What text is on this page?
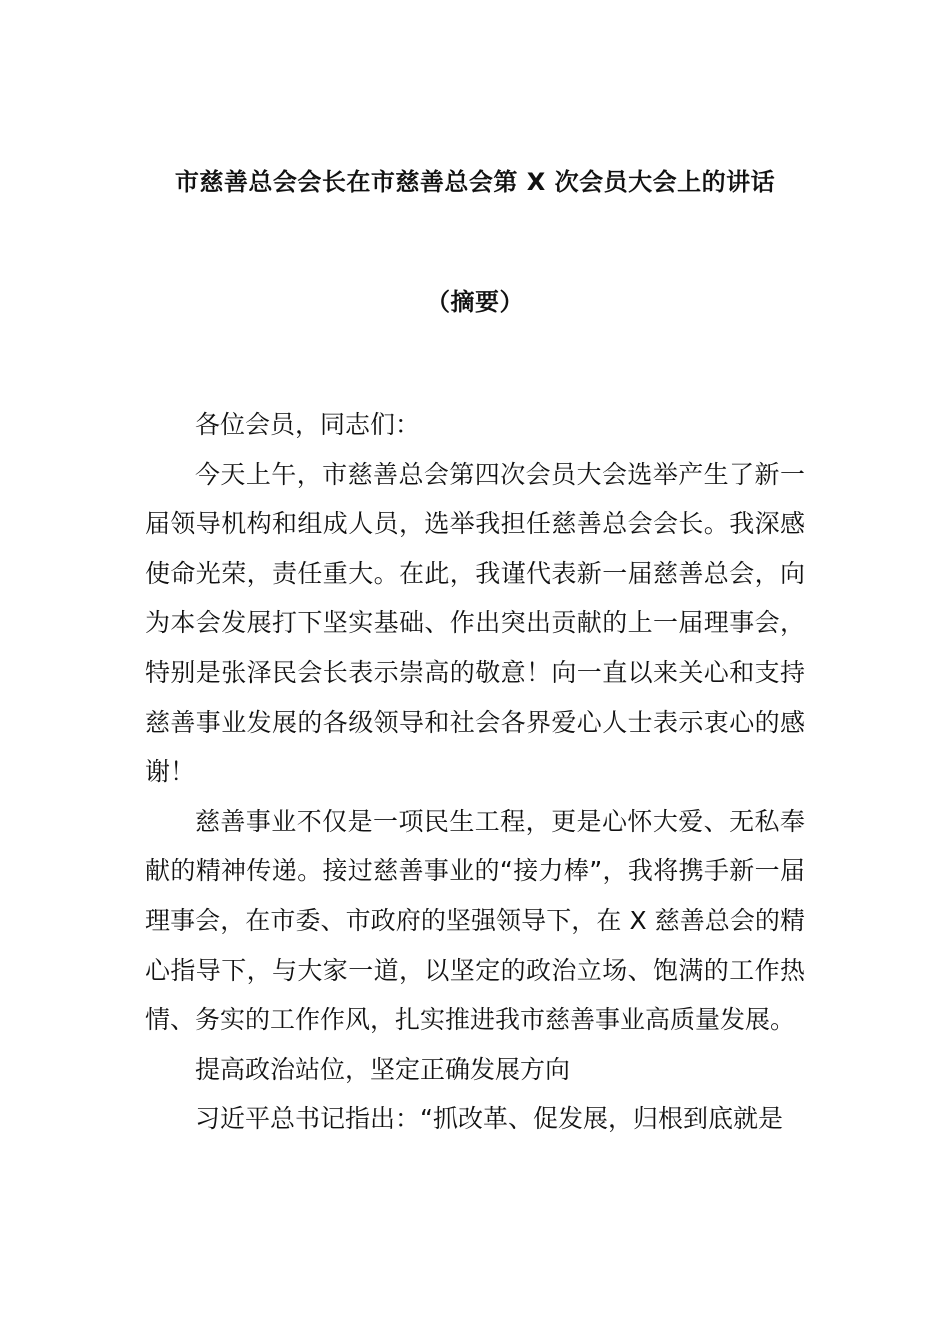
市慈善总会会长在市慈善总会第 X 次会员大会上的讲话
（摘要）

各位会员，同志们：

今天上午，市慈善总会第四次会员大会选举产生了新一届领导机构和组成人员，选举我担任慈善总会会长。我深感使命光荣，责任重大。在此，我谨代表新一届慈善总会，向为本会发展打下坚实基础、作出突出贡献的上一届理事会，特别是张泽民会长表示崇高的敬意！向一直以来关心和支持慈善事业发展的各级领导和社会各界爱心人士表示衷心的感谢！

慈善事业不仅是一项民生工程，更是心怀大爱、无私奉献的精神传递。接过慈善事业的“接力棒”，我将携手新一届理事会，在市委、市政府的坚强领导下，在 X 慈善总会的精心指导下，与大家一道，以坚定的政治立场、饱满的工作热情、务实的工作作风，扎实推进我市慈善事业高质量发展。

提高政治站位，坚定正确发展方向

习近平总书记指出：“抓改革、促发展，归根到底就是
